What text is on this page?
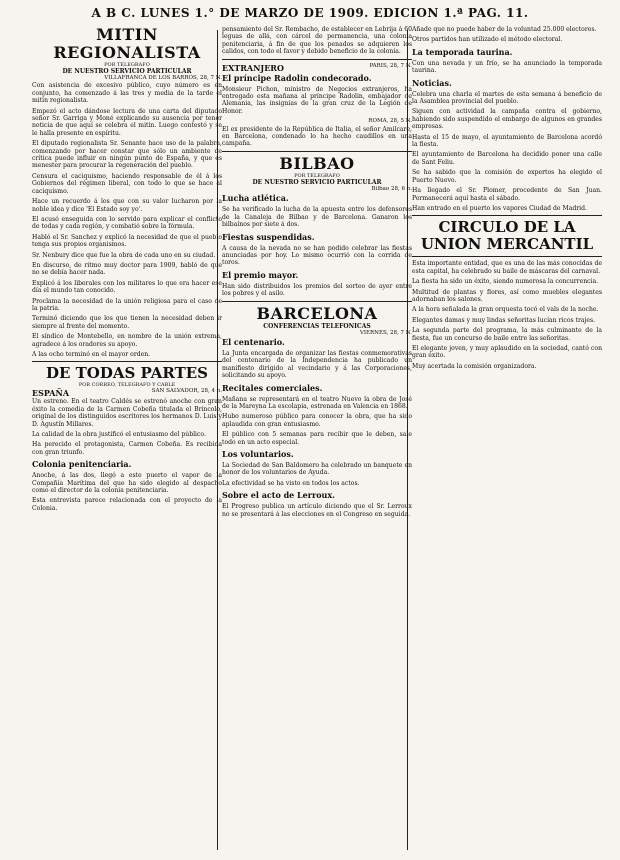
A B C. LUNES 1.° DE MARZO DE 1909. EDICION 1.ª PAG. 11.
MITIN REGIONALISTA
POR TELEGRAFO
DE NUESTRO SERVICIO PARTICULAR
VILLAFRANCA DE LOS BARROS, 28, 7 N.

Con asistencia de excesivo público, cuyo número es en conjunto, ha comenzado á las tres y media de la tarde el mitin regionalista.

Empezó el acto dándose lectura de una carta del diputado señor Sr. Garriga y Moné explicando su ausencia por tener noticia de que aquí se celebra el mitin. Luego contestó y se le halla presente en espíritu.

El diputado regionalista Sr. Senante hace uso de la palabra, comenzando por hacer constar que sólo un ambiente de crítica puede influir en ningún punto de España, y que es menester para procurar la regeneración del pueblo.

Censura el caciquismo, haciendo responsable de él á los Gobiernos del régimen liberal, con todo lo que se hace al caciquismo.

Hace un recuerdo á los que con su valor lucharon por la noble idea y dice 'El Estado soy yo'.

El acusó enseguida con lo servido para explicar el conflicto de todas y cada región, y combatió sobre la fórmula.

Habló el Sr. Sanchez y explicó la necesidad de que el pueblo tenga sus propios organismos.

Sr. Nenbury dice que fue la obra de cada uno en su ciudad.

En discurso, de ritmo muy doctor para 1909, habló de que no se debía hacer nada.

Explicó á los liberales con los militares lo que era hacer ese día el mundo tan conocido.

Proclama la necesidad de la unión religiosa para el caso de la patria.

Terminó diciendo que los que tienen la necesidad deben ir siempre al frente del momento.

El síndico de Montebello, en nombre de la unión extrema, agradece á los oradores su apoyo.

A las ocho terminó en el mayor orden.

DE TODAS PARTES
POR CORREO, TELEGRAFO Y CABLE
ESPAÑA	SAN SALVADOR, 28, 4 n.

Un estreno. En el teatro Caldés se estrenó anoche con gran éxito la comedia de la Carmen Cobeña titulada el Brincolo, original de los distinguidos escritores los hermanos D. Luis y D. Agustín Millares.

La calidad de la obra justificó el entusiasmo del público.

Ha perecido el protagonista, Carmen Cobeña. Es recibida con gran triunfo.

Colonia penitenciaria.

Anoche, á las dos, llegó a este puerto el vapor de la Compañía Marítima del que ha sido elegido al despacho como el director de la colonia penitenciaria.

Esta entrevista parece relacionada con el proyecto de la Colonia.

pensamiento del Sr. Rembacho, de establecer en Lebrija á 60 leguas de allá, con cárcel de permanencia, una colonia penitenciaria, á fin de que los penados se adquieren los calidos, con todo el favor y debido beneficio de la colonia.

EXTRANJERO	PARIS, 28, 7 N.

El príncipe Radolin condecorado.

Monsieur Pichon, ministro de Negocios extranjeros, ha entregado esta mañana al príncipe Radolin, embajador de Alemania, las insignias de la gran cruz de la Legión de Honor.

ROMA, 28, 5 N.

El ex presidente de la República de Italia, el señor Amilcare, en Barcelona, condenado lo ha hecho caudillos en una campaña.

BILBAO
POR TELEGRAFO
DE NUESTRO SERVICIO PARTICULAR
Bilbao 28, 6 n.

Lucha atlética.

Se ha verificado la lucha de la apuesta entre los defensores de la Canaleja de Bilbao y de Barcelona. Ganaron los bilbaínos por siete á dos.

Fiestas suspendidas.

A causa de la nevada no se han podido celebrar las fiestas anunciadas por hoy. Lo mismo ocurrió con la corrida de toros.

El premio mayor.

Han sido distribuidos los premios del sorteo de ayer entre los pobres y el asilo.

BARCELONA
CONFERENCIAS TELEFONICAS
VIERNES, 28, 7 N.

El centenario.

La Junta encargada de organizar las fiestas conmemorativas del centenario de la Independencia ha publicado un manifiesto dirigido al vecindario y á las Corporaciones, solicitando su apoyo.

Recitales comerciales.

Mañana se representará en el teatro Nuevo la obra de José de la Mareyna La escolapia, estrenada en Valencia en 1868.

Hubo numeroso público para conocer la obra, que ha sido aplaudida con gran entusiasmo.

El público con 5 semanas para recibir que le deben, sale todo en un acto especial.

Los voluntarios.

La Sociedad de San Baldomero ha celebrado un banquete en honor de los voluntarios de Ayuda.

La efectividad se ha visto en todos los actos.

Sobre el acto de Lerroux.

El Progreso publica un artículo diciendo que el Sr. Lerroux no se presentará á las elecciones en el Congreso en seguida.

Añade que no puede haber de la voluntad 25.000 electores.

Otros partidos han utilizado el método electoral.

La temporada taurina.

Con una nevada y un frío, se ha anunciado la temporada taurina.

Noticias.

Celebra una charla el martes de esta semana á beneficio de la Asamblea provincial del pueblo.

Siguen con actividad la campaña contra el gobierno, habiendo sido suspendido el embargo de algunos en grandes empresas.

Hasta el 15 de mayo, el ayuntamiento de Barcelona acordó la fiesta.

El ayuntamiento de Barcelona ha decidido poner una calle de Sant Feliu.

Se ha sabido que la comisión de expertos ha elegido el Puerto Nuevo.

Ha llegado el Sr. Plomer, procedente de San Juan. Permanecerá aquí hasta el sábado.

Han entrado en el puerto los vapores Ciudad de Madrid.

CIRCULO DE LA UNION MERCANTIL

Esta importante entidad, que es una de las más conocidas de esta capital, ha celebrado su baile de máscaras del carnaval.

La fiesta ha sido un éxito, siendo numerosa la concurrencia.

Multitud de plantas y flores, así como muebles elegantes adornaban los salones.

A la hora señalada la gran orquesta tocó el vals de la noche.

Elegantes damas y muy lindas señoritas lucían ricos trajes.

La segunda parte del programa, la más culminante de la fiesta, fue un concurso de baile entre las señoritas.

El elegante joven, y muy aplaudido en la sociedad, cantó con gran éxito.

Muy acertada la comisión organizadora.
